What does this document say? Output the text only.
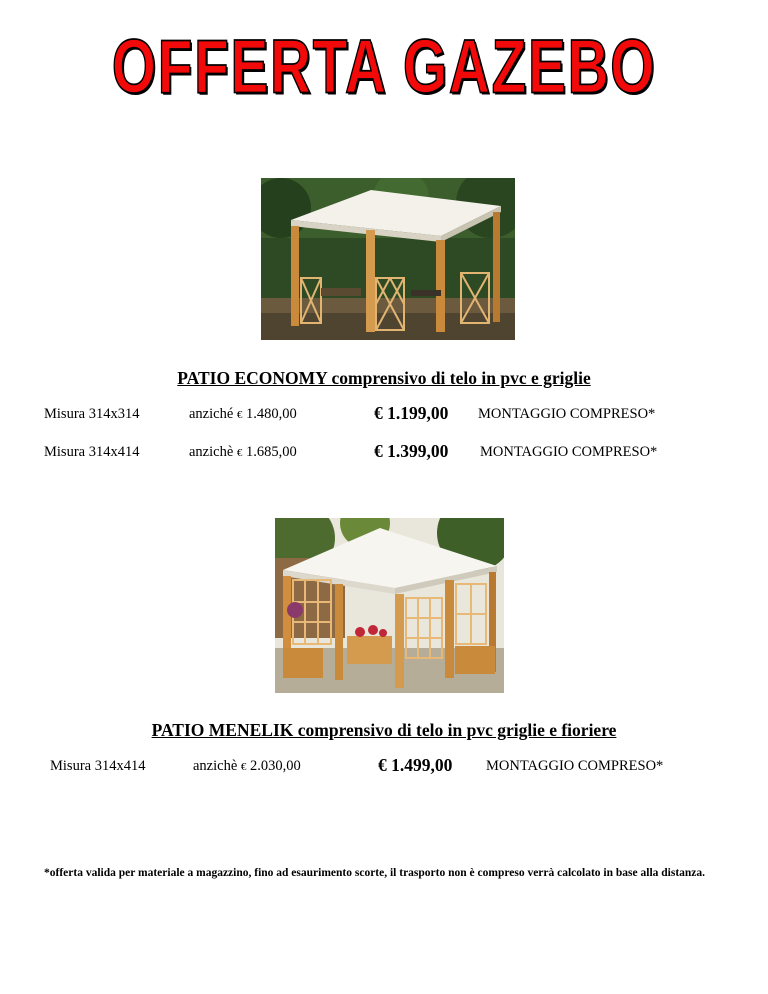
OFFERTA GAZEBO
PATIO ECONOMY comprensivo di telo in pvc e griglie
Misura 314x314	anziché € 1.480,00	€ 1.199,00 MONTAGGIO COMPRESO*
Misura 314x414	anzichè € 1.685,00	€ 1.399,00 MONTAGGIO COMPRESO*
PATIO MENELIK comprensivo di telo in pvc griglie e fioriere
Misura 314x414	anzichè € 2.030,00	€ 1.499,00 MONTAGGIO COMPRESO*
*offerta valida per materiale a magazzino, fino ad esaurimento scorte, il trasporto non è compreso verrà calcolato in base alla distanza.
